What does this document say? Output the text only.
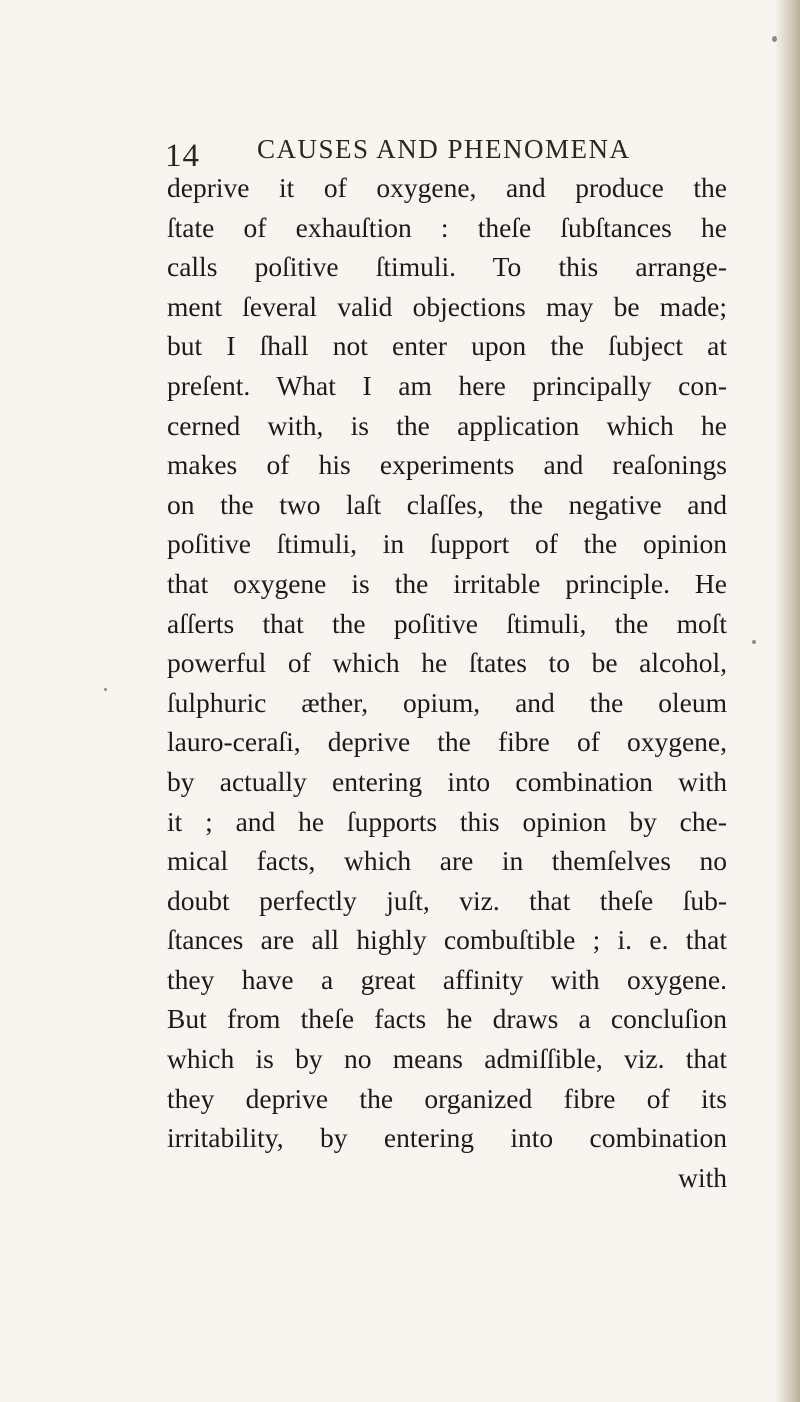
14 CAUSES AND PHENOMENA
deprive it of oxygene, and produce the
ſtate of exhauſtion : theſe ſubſtances he
calls poſitive ſtimuli. To this arrange-
ment ſeveral valid objections may be made;
but I ſhall not enter upon the ſubject at
preſent. What I am here principally con-
cerned with, is the application which he
makes of his experiments and reaſonings
on the two laſt claſſes, the negative and
poſitive ſtimuli, in ſupport of the opinion
that oxygene is the irritable principle. He
aſſerts that the poſitive ſtimuli, the moſt
powerful of which he ſtates to be alcohol,
ſulphuric æther, opium, and the oleum
lauro-ceraſi, deprive the fibre of oxygene,
by actually entering into combination with
it ; and he ſupports this opinion by che-
mical facts, which are in themſelves no
doubt perfectly juſt, viz. that theſe ſub-
ſtances are all highly combuſtible ; i. e. that
they have a great affinity with oxygene.
But from theſe facts he draws a concluſion
which is by no means admiſſible, viz. that
they deprive the organized fibre of its
irritability, by entering into combination
with
